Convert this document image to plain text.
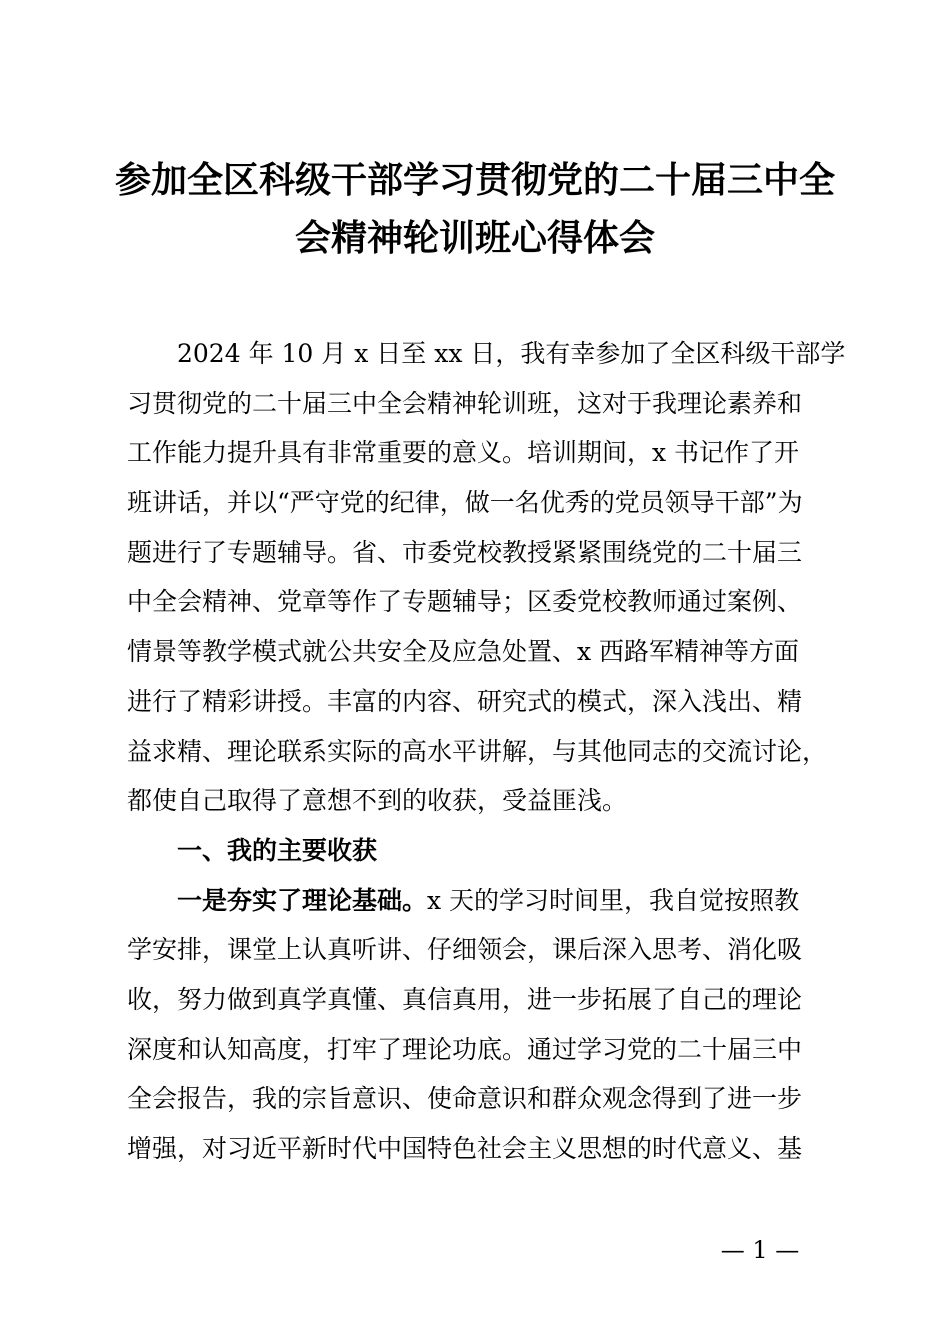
参加全区科级干部学习贯彻党的二十届三中全
会精神轮训班心得体会
2024 年 10 月 x 日至 xx 日，我有幸参加了全区科级干部学
习贯彻党的二十届三中全会精神轮训班，这对于我理论素养和
工作能力提升具有非常重要的意义。培训期间，x 书记作了开
班讲话，并以“严守党的纪律，做一名优秀的党员领导干部”为
题进行了专题辅导。省、市委党校教授紧紧围绕党的二十届三
中全会精神、党章等作了专题辅导；区委党校教师通过案例、
情景等教学模式就公共安全及应急处置、x 西路军精神等方面
进行了精彩讲授。丰富的内容、研究式的模式，深入浅出、精
益求精、理论联系实际的高水平讲解，与其他同志的交流讨论，
都使自己取得了意想不到的收获，受益匪浅。
一、我的主要收获
一是夯实了理论基础。x 天的学习时间里，我自觉按照教
学安排，课堂上认真听讲、仔细领会，课后深入思考、消化吸
收，努力做到真学真懂、真信真用，进一步拓展了自己的理论
深度和认知高度，打牢了理论功底。通过学习党的二十届三中
全会报告，我的宗旨意识、使命意识和群众观念得到了进一步
增强，对习近平新时代中国特色社会主义思想的时代意义、基
— 1 —
